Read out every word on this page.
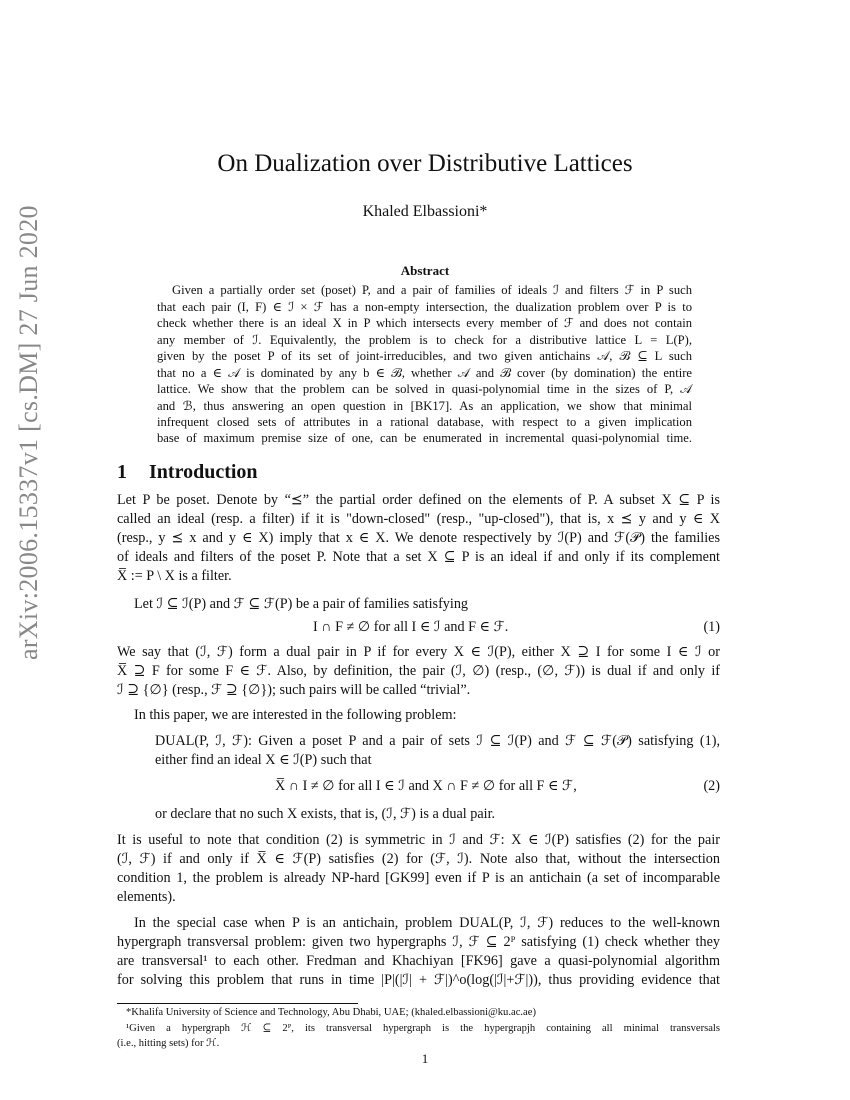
arXiv:2006.15337v1 [cs.DM] 27 Jun 2020
On Dualization over Distributive Lattices
Khaled Elbassioni*
Abstract
Given a partially order set (poset) P, and a pair of families of ideals ℐ and filters ℱ in P such
that each pair (I, F) ∈ ℐ × ℱ has a non-empty intersection, the dualization problem over P is to
check whether there is an ideal X in P which intersects every member of ℱ and does not contain
any member of ℐ. Equivalently, the problem is to check for a distributive lattice L = L(P),
given by the poset P of its set of joint-irreducibles, and two given antichains 𝒜, ℬ ⊆ L such
that no a ∈ 𝒜 is dominated by any b ∈ ℬ, whether 𝒜 and ℬ cover (by domination) the entire
lattice. We show that the problem can be solved in quasi-polynomial time in the sizes of P, 𝒜
and ℬ, thus answering an open question in [BK17]. As an application, we show that minimal
infrequent closed sets of attributes in a rational database, with respect to a given implication
base of maximum premise size of one, can be enumerated in incremental quasi-polynomial time.
1 Introduction
Let P be poset. Denote by “⪯” the partial order defined on the elements of P. A subset X ⊆ P is
called an ideal (resp. a filter) if it is "down-closed" (resp., "up-closed"), that is, x ⪯ y and y ∈ X
(resp., y ⪯ x and y ∈ X) imply that x ∈ X. We denote respectively by ℐ(P) and ℱ(𝒫) the families
of ideals and filters of the poset P. Note that a set X ⊆ P is an ideal if and only if its complement
X̅ := P \ X is a filter.
Let ℐ ⊆ ℐ(P) and ℱ ⊆ ℱ(P) be a pair of families satisfying
I ∩ F ≠ ∅ for all I ∈ ℐ and F ∈ ℱ.	(1)
We say that (ℐ, ℱ) form a dual pair in P if for every X ∈ ℐ(P), either X ⊇ I for some I ∈ ℐ or
X̅ ⊇ F for some F ∈ ℱ. Also, by definition, the pair (ℐ, ∅) (resp., (∅, ℱ)) is dual if and only if
ℐ ⊇ {∅} (resp., ℱ ⊇ {∅}); such pairs will be called “trivial”.
In this paper, we are interested in the following problem:
DUAL(P, ℐ, ℱ): Given a poset P and a pair of sets ℐ ⊆ ℐ(P) and ℱ ⊆ ℱ(𝒫) satisfying (1),
either find an ideal X ∈ ℐ(P) such that
X̅ ∩ I ≠ ∅ for all I ∈ ℐ and X ∩ F ≠ ∅ for all F ∈ ℱ,	(2)
or declare that no such X exists, that is, (ℐ, ℱ) is a dual pair.
It is useful to note that condition (2) is symmetric in ℐ and ℱ: X ∈ ℐ(P) satisfies (2) for the pair
(ℐ, ℱ) if and only if X̅ ∈ ℱ(P) satisfies (2) for (ℱ, ℐ). Note also that, without the intersection
condition 1, the problem is already NP-hard [GK99] even if P is an antichain (a set of incomparable
elements).
In the special case when P is an antichain, problem DUAL(P, ℐ, ℱ) reduces to the well-known
hypergraph transversal problem: given two hypergraphs ℐ, ℱ ⊆ 2ᴾ satisfying (1) check whether they
are transversal¹ to each other. Fredman and Khachiyan [FK96] gave a quasi-polynomial algorithm
for solving this problem that runs in time |P|(|ℐ| + ℱ|)^o(log(|ℐ|+ℱ|)), thus providing evidence that
*Khalifa University of Science and Technology, Abu Dhabi, UAE; (khaled.elbassioni@ku.ac.ae)
¹Given a hypergraph ℋ ⊆ 2ᴾ, its transversal hypergraph is the hypergrapjh containing all minimal transversals
(i.e., hitting sets) for ℋ.
1
